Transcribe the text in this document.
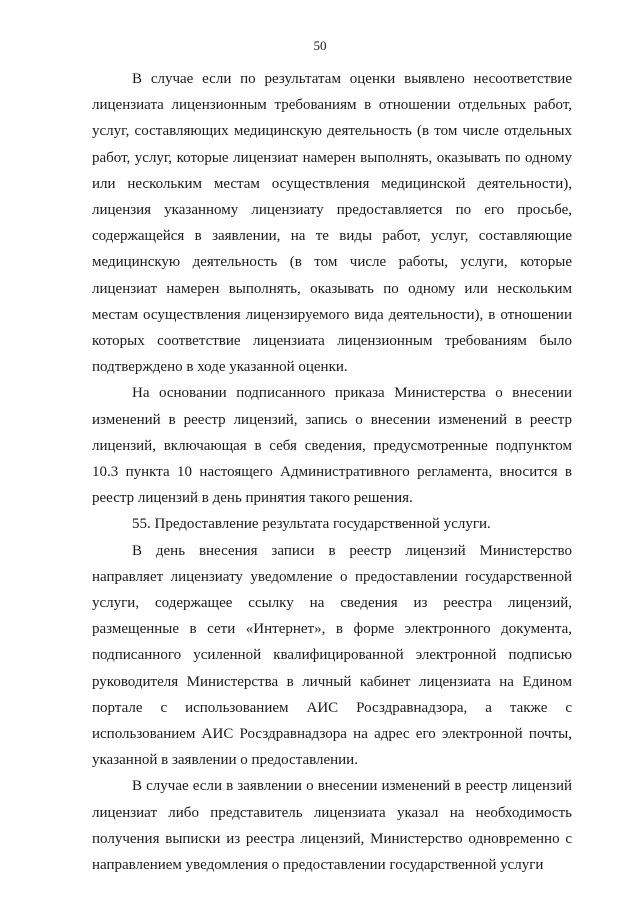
50

В случае если по результатам оценки выявлено несоответствие лицензиата лицензионным требованиям в отношении отдельных работ, услуг, составляющих медицинскую деятельность (в том числе отдельных работ, услуг, которые лицензиат намерен выполнять, оказывать по одному или нескольким местам осуществления медицинской деятельности), лицензия указанному лицензиату предоставляется по его просьбе, содержащейся в заявлении, на те виды работ, услуг, составляющие медицинскую деятельность (в том числе работы, услуги, которые лицензиат намерен выполнять, оказывать по одному или нескольким местам осуществления лицензируемого вида деятельности), в отношении которых соответствие лицензиата лицензионным требованиям было подтверждено в ходе указанной оценки.

На основании подписанного приказа Министерства о внесении изменений в реестр лицензий, запись о внесении изменений в реестр лицензий, включающая в себя сведения, предусмотренные подпунктом 10.3 пункта 10 настоящего Административного регламента, вносится в реестр лицензий в день принятия такого решения.

55. Предоставление результата государственной услуги.

В день внесения записи в реестр лицензий Министерство направляет лицензиату уведомление о предоставлении государственной услуги, содержащее ссылку на сведения из реестра лицензий, размещенные в сети «Интернет», в форме электронного документа, подписанного усиленной квалифицированной электронной подписью руководителя Министерства в личный кабинет лицензиата на Едином портале с использованием АИС Росздравнадзора, а также с использованием АИС Росздравнадзора на адрес его электронной почты, указанной в заявлении о предоставлении.

В случае если в заявлении о внесении изменений в реестр лицензий лицензиат либо представитель лицензиата указал на необходимость получения выписки из реестра лицензий, Министерство одновременно с направлением уведомления о предоставлении государственной услуги
